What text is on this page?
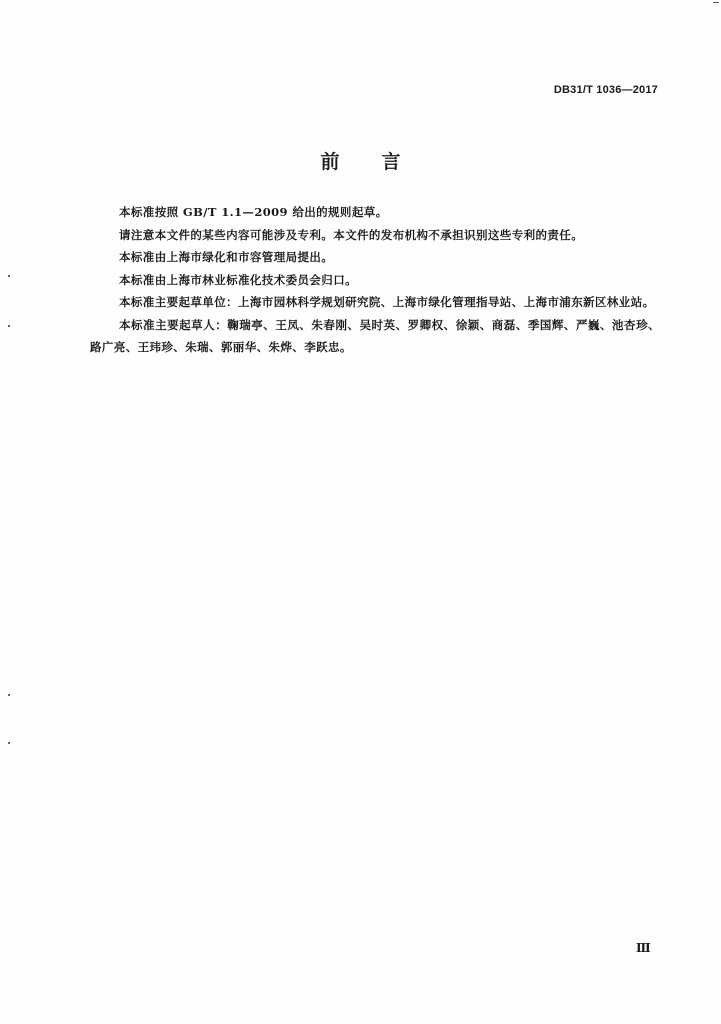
DB31/T 1036—2017
前言

本标准按照 GB/T 1.1—2009 给出的规则起草。

请注意本文件的某些内容可能涉及专利。本文件的发布机构不承担识别这些专利的责任。

本标准由上海市绿化和市容管理局提出。

本标准由上海市林业标准化技术委员会归口。

本标准主要起草单位：上海市园林科学规划研究院、上海市绿化管理指导站、上海市浦东新区林业站。

本标准主要起草人：鞠瑞亭、王凤、朱春刚、吴时英、罗卿权、徐颖、商磊、季国辉、严巍、池杏珍、路广亮、王玮珍、朱瑞、郭丽华、朱烨、李跃忠。

Ⅲ
